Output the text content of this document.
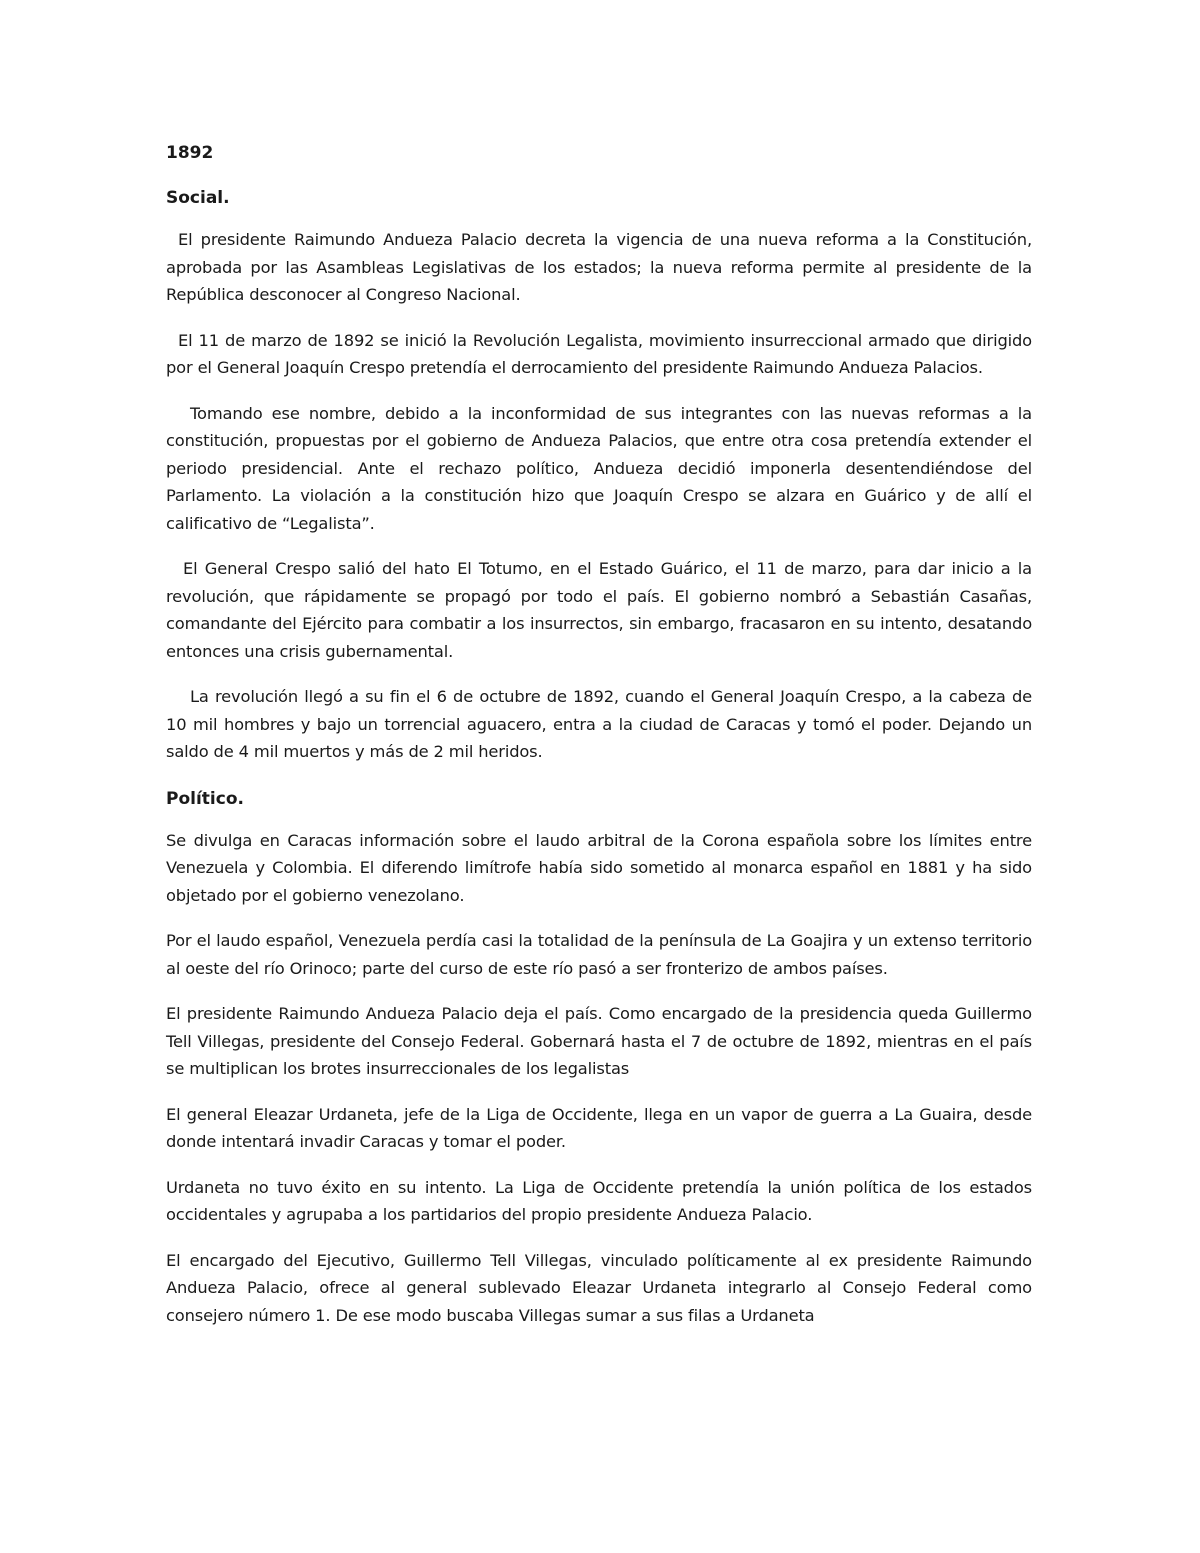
1892
Social.

El presidente Raimundo Andueza Palacio decreta la vigencia de una nueva reforma a la Constitución, aprobada por las Asambleas Legislativas de los estados; la nueva reforma permite al presidente de la República desconocer al Congreso Nacional.

El 11 de marzo de 1892 se inició la Revolución Legalista, movimiento insurreccional armado que dirigido por el General Joaquín Crespo pretendía el derrocamiento del presidente Raimundo Andueza Palacios.

Tomando ese nombre, debido a la inconformidad de sus integrantes con las nuevas reformas a la constitución, propuestas por el gobierno de Andueza Palacios, que entre otra cosa pretendía extender el periodo presidencial. Ante el rechazo político, Andueza decidió imponerla desentendiéndose del Parlamento. La violación a la constitución hizo que Joaquín Crespo se alzara en Guárico y de allí el calificativo de “Legalista”.

El General Crespo salió del hato El Totumo, en el Estado Guárico, el 11 de marzo, para dar inicio a la revolución, que rápidamente se propagó por todo el país. El gobierno nombró a Sebastián Casañas, comandante del Ejército para combatir a los insurrectos, sin embargo, fracasaron en su intento, desatando entonces una crisis gubernamental.

La revolución llegó a su fin el 6 de octubre de 1892, cuando el General Joaquín Crespo, a la cabeza de 10 mil hombres y bajo un torrencial aguacero, entra a la ciudad de Caracas y tomó el poder. Dejando un saldo de 4 mil muertos y más de 2 mil heridos.

Político.

Se divulga en Caracas información sobre el laudo arbitral de la Corona española sobre los límites entre Venezuela y Colombia. El diferendo limítrofe había sido sometido al monarca español en 1881 y ha sido objetado por el gobierno venezolano.

Por el laudo español, Venezuela perdía casi la totalidad de la península de La Goajira y un extenso territorio al oeste del río Orinoco; parte del curso de este río pasó a ser fronterizo de ambos países.

El presidente Raimundo Andueza Palacio deja el país. Como encargado de la presidencia queda Guillermo Tell Villegas, presidente del Consejo Federal. Gobernará hasta el 7 de octubre de 1892, mientras en el país se multiplican los brotes insurreccionales de los legalistas

El general Eleazar Urdaneta, jefe de la Liga de Occidente, llega en un vapor de guerra a La Guaira, desde donde intentará invadir Caracas y tomar el poder.

Urdaneta no tuvo éxito en su intento. La Liga de Occidente pretendía la unión política de los estados occidentales y agrupaba a los partidarios del propio presidente Andueza Palacio.

El encargado del Ejecutivo, Guillermo Tell Villegas, vinculado políticamente al ex presidente Raimundo Andueza Palacio, ofrece al general sublevado Eleazar Urdaneta integrarlo al Consejo Federal como consejero número 1. De ese modo buscaba Villegas sumar a sus filas a Urdaneta
